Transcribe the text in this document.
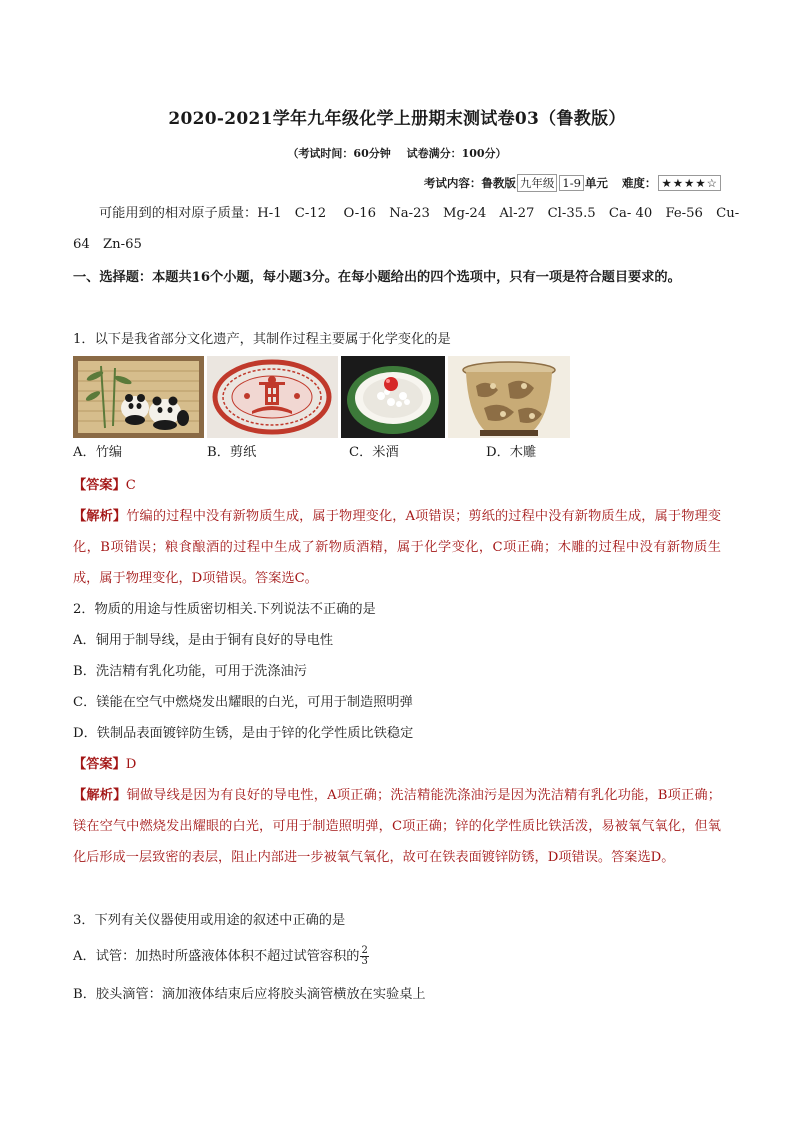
2020-2021学年九年级化学上册期末测试卷03（鲁教版）
（考试时间：60分钟 试卷满分：100分）
考试内容：鲁教版 九年级 1-9 单元 难度： ★★★★☆
可能用到的相对原子质量：H-1　C-12　 O-16　Na-23　Mg-24　Al-27　Cl-35.5　Ca- 40　Fe-56　Cu-
64　Zn-65
一、选择题：本题共16个小题，每小题3分。在每小题给出的四个选项中，只有一项是符合题目要求的。
1．以下是我省部分文化遗产，其制作过程主要属于化学变化的是
A．竹编	B．剪纸	C．米酒	D．木雕
【答案】C
【解析】竹编的过程中没有新物质生成，属于物理变化，A项错误；剪纸的过程中没有新物质生成，属于物理变化，B项错误；粮食酿酒的过程中生成了新物质酒精，属于化学变化，C项正确；木雕的过程中没有新物质生成，属于物理变化，D项错误。答案选C。
2．物质的用途与性质密切相关.下列说法不正确的是
A．铜用于制导线，是由于铜有良好的导电性
B．洗洁精有乳化功能，可用于洗涤油污
C．镁能在空气中燃烧发出耀眼的白光，可用于制造照明弹
D．铁制品表面镀锌防生锈，是由于锌的化学性质比铁稳定
【答案】D
【解析】铜做导线是因为有良好的导电性，A项正确；洗洁精能洗涤油污是因为洗洁精有乳化功能，B项正确；镁在空气中燃烧发出耀眼的白光，可用于制造照明弹，C项正确；锌的化学性质比铁活泼，易被氧气氧化，但氧化后形成一层致密的表层，阻止内部进一步被氧气氧化，故可在铁表面镀锌防锈，D项错误。答案选D。
3．下列有关仪器使用或用途的叙述中正确的是
A．试管：加热时所盛液体体积不超过试管容积的 $\frac{2}{3}$
B．胶头滴管：滴加液体结束后应将胶头滴管横放在实验桌上
